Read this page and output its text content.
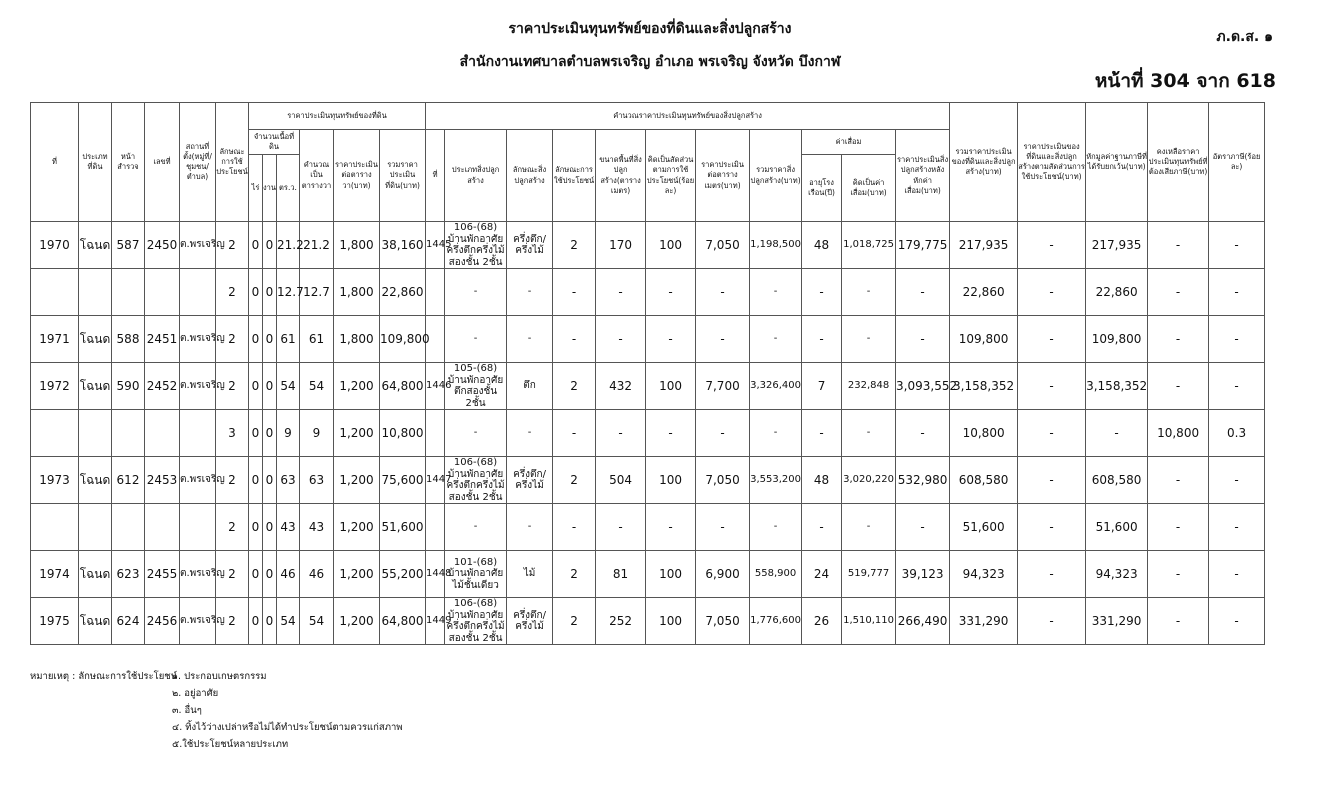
ราคาประเมินทุนทรัพย์ของที่ดินและสิ่งปลูกสร้าง
สำนักงานเทศบาลตำบลพรเจริญ อำเภอ พรเจริญ จังหวัด บึงกาฬ
ภ.ด.ส. ๑
หน้าที่ 304 จาก 618
ที่	ประเภทที่ดิน	หน้าสำรวจ	เลขที่	สถานที่ตั้ง(หมู่ที่/ชุมชน/ตำบล)	ลักษณะการใช้ประโยชน์	ราคาประเมินทุนทรัพย์ของที่ดิน						คำนวณราคาประเมินทุนทรัพย์ของสิ่งปลูกสร้าง											รวมราคาประเมินของที่ดินและสิ่งปลูกสร้าง(บาท)	ราคาประเมินของที่ดินและสิ่งปลูกสร้างตามสัดส่วนการใช้ประโยชน์(บาท)	หักมูลค่าฐานภาษีที่ได้รับยกเว้น(บาท)	คงเหลือราคาประเมินทุนทรัพย์ที่ต้องเสียภาษี(บาท)	อัตราภาษี(ร้อยละ)
						จำนวนเนื้อที่ดิน			คำนวณเป็นตารางวา	ราคาประเมินต่อตารางวา(บาท)	รวมราคาประเมินที่ดิน(บาท)	ที่	ประเภทสิ่งปลูกสร้าง	ลักษณะสิ่งปลูกสร้าง	ลักษณะการใช้ประโยชน์	ขนาดพื้นที่สิ่งปลูกสร้าง(ตารางเมตร)	คิดเป็นสัดส่วนตามการใช้ประโยชน์(ร้อยละ)	ราคาประเมินต่อตารางเมตร(บาท)	รวมราคาสิ่งปลูกสร้าง(บาท)	ค่าเสื่อม		ราคาประเมินสิ่งปลูกสร้างหลังหักค่าเสื่อม(บาท)					
						ไร่	งาน	ตร.ว.												อายุโรงเรือน(ปี)	คิดเป็นค่าเสื่อม(บาท)						
1970	โฉนด	587	2450	ต.พรเจริญ	2	0	0	21.2	21.2	1,800	38,160	1445	106-(68) บ้านพักอาศัยครึ่งตึกครึ่งไม้สองชั้น 2ชั้น	ครึ่งตึก/ครึ่งไม้	2	170	100	7,050	1,198,500	48	1,018,725	179,775	217,935	-	217,935	-	-
					2	0	0	12.7	12.7	1,800	22,860		-	-	-	-	-	-	-	-	-	-	22,860	-	22,860	-	-
1971	โฉนด	588	2451	ต.พรเจริญ	2	0	0	61	61	1,800	109,800		-	-	-	-	-	-	-	-	-	-	109,800	-	109,800	-	-
1972	โฉนด	590	2452	ต.พรเจริญ	2	0	0	54	54	1,200	64,800	1446	105-(68) บ้านพักอาศัยตึกสองชั้น 2ชั้น	ตึก	2	432	100	7,700	3,326,400	7	232,848	3,093,552	3,158,352	-	3,158,352	-	-
					3	0	0	9	9	1,200	10,800		-	-	-	-	-	-	-	-	-	-	10,800	-	-	10,800	0.3
1973	โฉนด	612	2453	ต.พรเจริญ	2	0	0	63	63	1,200	75,600	1447	106-(68) บ้านพักอาศัยครึ่งตึกครึ่งไม้สองชั้น 2ชั้น	ครึ่งตึก/ครึ่งไม้	2	504	100	7,050	3,553,200	48	3,020,220	532,980	608,580	-	608,580	-	-
					2	0	0	43	43	1,200	51,600		-	-	-	-	-	-	-	-	-	-	51,600	-	51,600	-	-
1974	โฉนด	623	2455	ต.พรเจริญ	2	0	0	46	46	1,200	55,200	1448	101-(68) บ้านพักอาศัยไม้ชั้นเดียว	ไม้	2	81	100	6,900	558,900	24	519,777	39,123	94,323	-	94,323	-	-
1975	โฉนด	624	2456	ต.พรเจริญ	2	0	0	54	54	1,200	64,800	1449	106-(68) บ้านพักอาศัยครึ่งตึกครึ่งไม้สองชั้น 2ชั้น	ครึ่งตึก/ครึ่งไม้	2	252	100	7,050	1,776,600	26	1,510,110	266,490	331,290	-	331,290	-	-
หมายเหตุ : ลักษณะการใช้ประโยชน์
๑. ประกอบเกษตรกรรม
๒. อยู่อาศัย
๓. อื่นๆ
๔. ทิ้งไว้ว่างเปล่าหรือไม่ได้ทำประโยชน์ตามควรแก่สภาพ
๕.ใช้ประโยชน์หลายประเภท
